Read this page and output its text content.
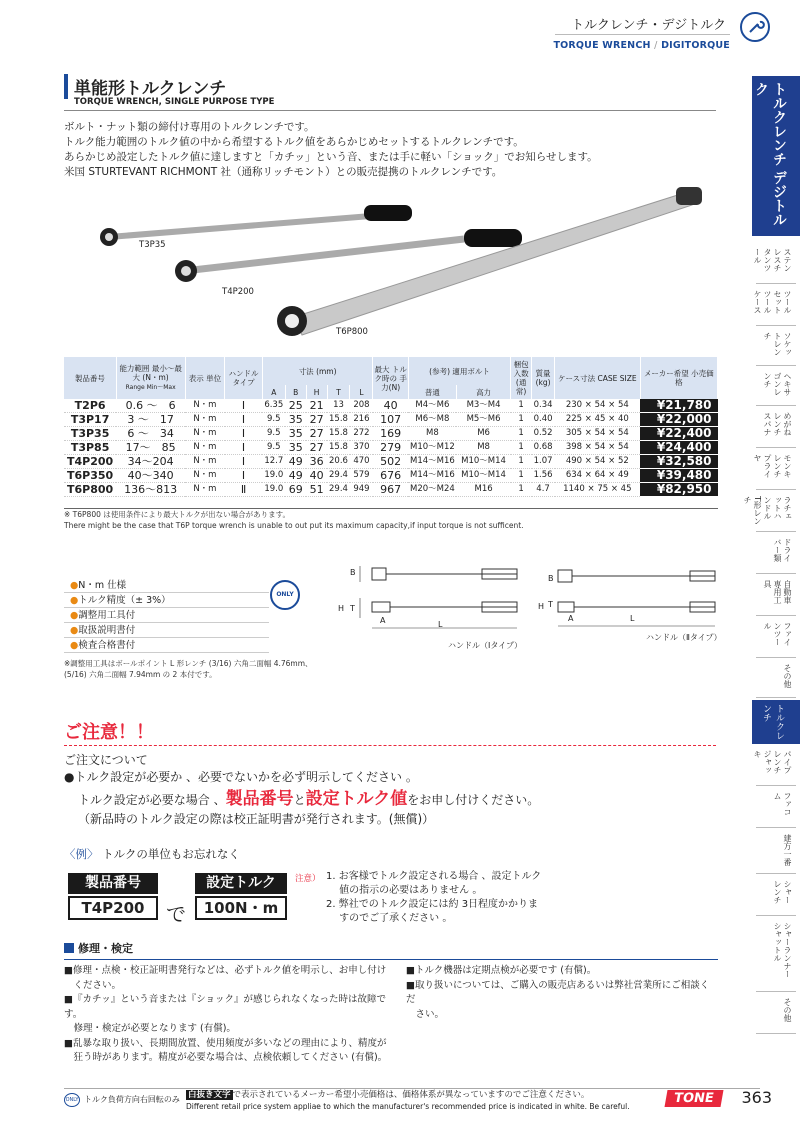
トルクレンチ・デジトルク
TORQUE WRENCH / DIGITORQUE
トルクレンチ デジトルク
ステンレスチタンツール
ツールセット ツールケース
ソケットレンチ
ヘキサゴンレンチ
めがねレンチ スパナ
モンキレンチ プライヤ
ラチェットハンドル T形レンチ
ドライバー類
自動車専用工具
ファインツール
その他
トルクレンチ
パイプレンチ ジャッキ
ファコム
建方一番
シャーレンチ
シャーランナー シャットル
その他
単能形トルクレンチ
TORQUE WRENCH, SINGLE PURPOSE TYPE
ボルト・ナット類の締付け専用のトルクレンチです。
トルク能力範囲のトルク値の中から希望するトルク値をあらかじめセットするトルクレンチです。
あらかじめ設定したトルク値に達しますと「カチッ」という音、または手に軽い「ショック」でお知らせします。
米国 STURTEVANT RICHMONT 社（通称リッチモント）との販売提携のトルクレンチです。
T3P35
T4P200
T6P800
製品番号	能力範囲 最小～最大 (N・m)
Range Min～Max	表示 単位	ハンドル タイプ	寸法 (mm)					最大 トルク時の 手力(N)	(参考) 適用ボルト		梱包 入数 (通常)	質量 (kg)	ケース寸法 CASE SIZE	メーカー希望 小売価格
				A	B	H	T	L		普通	高力				
T2P6	0.6 ～　6	N・m	Ⅰ	6.35	25	21	13	208	40	M4～M6	M3～M4	1	0.34	230 × 54 × 54	¥21,780
T3P17	3 ～　17	N・m	Ⅰ	9.5	35	27	15.8	216	107	M6～M8	M5～M6	1	0.40	225 × 45 × 40	¥22,000
T3P35	6 ～　34	N・m	Ⅰ	9.5	35	27	15.8	272	169	M8	M6	1	0.52	305 × 54 × 54	¥22,400
T3P85	17～　85	N・m	Ⅰ	9.5	35	27	15.8	370	279	M10～M12	M8	1	0.68	398 × 54 × 54	¥24,400
T4P200	34～204	N・m	Ⅰ	12.7	49	36	20.6	470	502	M14～M16	M10～M14	1	1.07	490 × 54 × 52	¥32,580
T6P350	40～340	N・m	Ⅰ	19.0	49	40	29.4	579	676	M14～M16	M10～M14	1	1.56	634 × 64 × 49	¥39,480
T6P800	136～813	N・m	Ⅱ	19.0	69	51	29.4	949	967	M20～M24	M16	1	4.7	1140 × 75 × 45	¥82,950
※ T6P800 は使用条件により最大トルクが出ない場合があります。
There might be the case that T6P torque wrench is unable to out put its maximum capacity,if input torque is not sufficent.
●N・m 仕様
●トルク精度（± 3%）
●調整用工具付
●取扱説明書付
●検査合格書付
ONLY
※調整用工具はボールポイント L 形レンチ (3/16) 六角二面幅 4.76mm、
(5/16) 六角二面幅 7.94mm の 2 本付です。
B
H T
A	L
ハンドル（Ⅰタイプ）
B
H T
A	L
ハンドル（Ⅱタイプ）
ご注意！！
ご注文について
●トルク設定が必要か 、必要でないかを必ず明示してください 。
トルク設定が必要な場合 、製品番号と設定トルク値をお申し付けください。
（新品時のトルク設定の際は校正証明書が発行されます。(無償)）
〈例〉 トルクの単位もお忘れなく
製品番号
T4P200	で
設定トルク
100N・m
注意） 1. お客様でトルク設定される場合 、設定トルク
　 値の指示の必要はありません 。
2. 弊社でのトルク設定には約 3日程度かかりま
　 すのでご了承ください 。
修理・検定
■修理・点検・校正証明書発行などは、必ずトルク値を明示し、お申し付け
　ください。
■『カチッ』という音または『ショック』が感じられなくなった時は故障です。
　修理・検定が必要となります (有償)。
■乱暴な取り扱い、長期間放置、使用頻度が多いなどの理由により、精度が
　狂う時があります。精度が必要な場合は、点検依頼してください (有償)。
■トルク機器は定期点検が必要です (有償)。
■取り扱いについては、ご購入の販売店あるいは弊社営業所にご相談くだ
　さい。
ONLY トルク負荷方向右回転のみ 白抜き文字 で表示されているメーカー希望小売価格は、価格体系が異なっていますのでご注意ください。
Different retail price system appliae to which the manufacturer's recommended price is indicated in white. Be careful.
TONE	363
